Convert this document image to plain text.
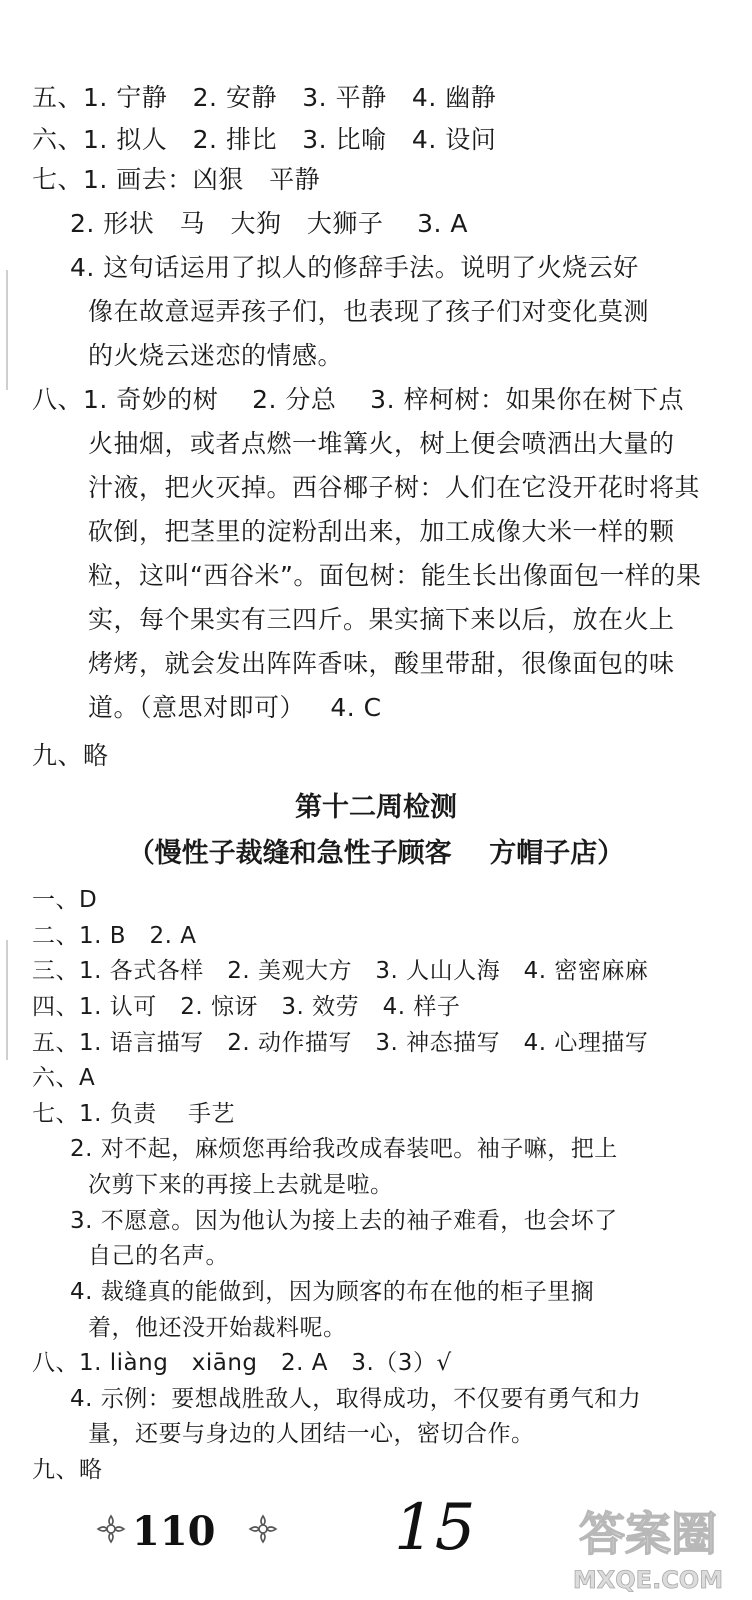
五、1. 宁静   2. 安静   3. 平静   4. 幽静
六、1. 拟人   2. 排比   3. 比喻   4. 设问
七、1. 画去：凶狠   平静
2. 形状   马   大狗   大狮子    3. A
4. 这句话运用了拟人的修辞手法。说明了火烧云好
像在故意逗弄孩子们，也表现了孩子们对变化莫测
的火烧云迷恋的情感。
八、1. 奇妙的树    2. 分总    3. 梓柯树：如果你在树下点
火抽烟，或者点燃一堆篝火，树上便会喷洒出大量的
汁液，把火灭掉。西谷椰子树：人们在它没开花时将其
砍倒，把茎里的淀粉刮出来，加工成像大米一样的颗
粒，这叫“西谷米”。面包树：能生长出像面包一样的果
实，每个果实有三四斤。果实摘下来以后，放在火上
烤烤，就会发出阵阵香味，酸里带甜，很像面包的味
道。（意思对即可）   4. C
九、略
第十二周检测
（慢性子裁缝和急性子顾客    方帽子店）
一、D
二、1. B   2. A
三、1. 各式各样   2. 美观大方   3. 人山人海   4. 密密麻麻
四、1. 认可   2. 惊讶   3. 效劳   4. 样子
五、1. 语言描写   2. 动作描写   3. 神态描写   4. 心理描写
六、A
七、1. 负责    手艺
2. 对不起，麻烦您再给我改成春装吧。袖子嘛，把上
次剪下来的再接上去就是啦。
3. 不愿意。因为他认为接上去的袖子难看，也会坏了
自己的名声。
4. 裁缝真的能做到，因为顾客的布在他的柜子里搁
着，他还没开始裁料呢。
八、1. liàng   xiāng   2. A   3.（3）√
4. 示例：要想战胜敌人，取得成功，不仅要有勇气和力
量，还要与身边的人团结一心，密切合作。
九、略
110	15 答案圈
MXQE.COM
